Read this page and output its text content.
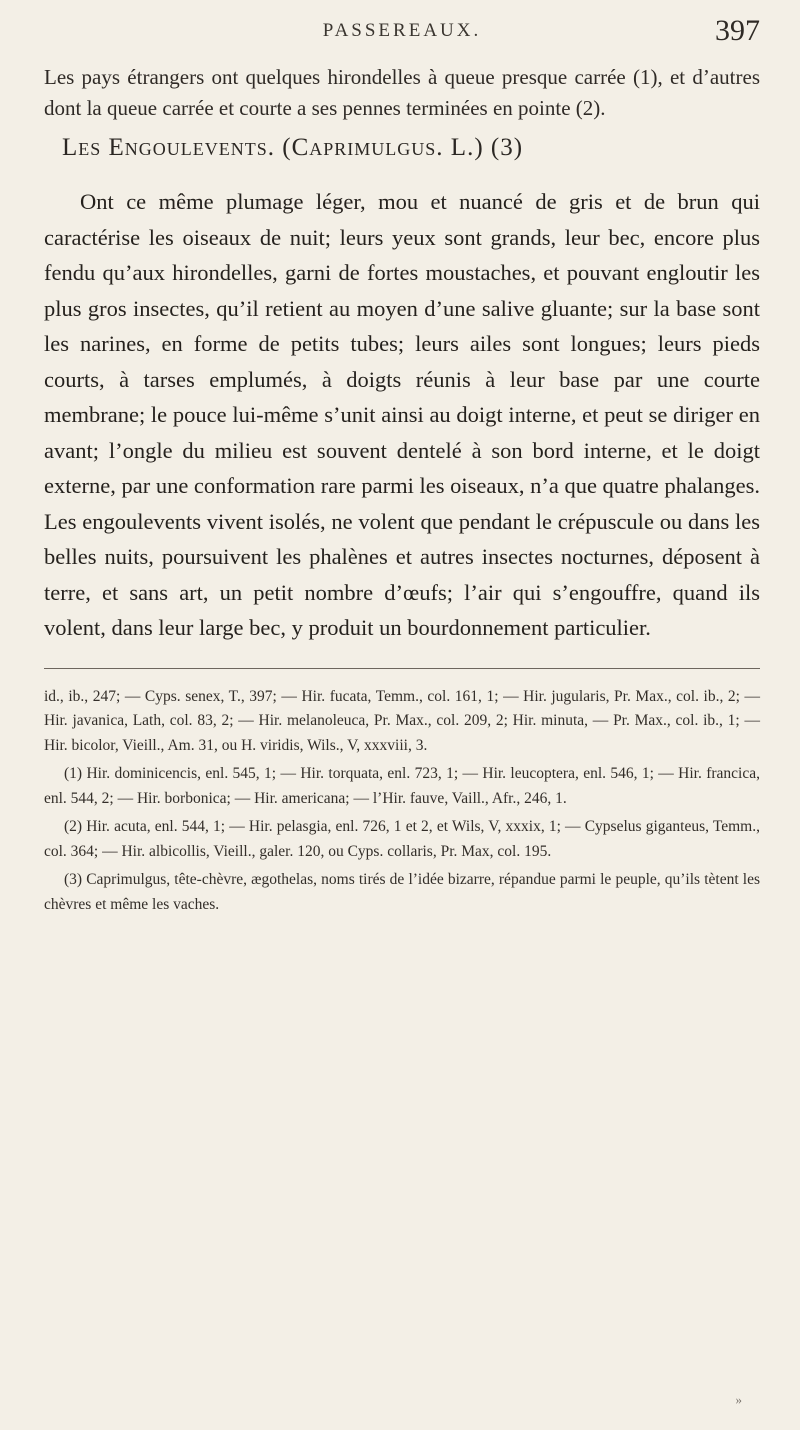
PASSEREAUX.	397

Les pays étrangers ont quelques hirondelles à queue presque carrée (1), et d’autres dont la queue carrée et courte a ses pennes terminées en pointe (2).

Les Engoulevents. (Caprimulgus. L.) (3)

Ont ce même plumage léger, mou et nuancé de gris et de brun qui caractérise les oiseaux de nuit; leurs yeux sont grands, leur bec, encore plus fendu qu’aux hirondelles, garni de fortes moustaches, et pouvant engloutir les plus gros insectes, qu’il retient au moyen d’une salive gluante; sur la base sont les narines, en forme de petits tubes; leurs ailes sont longues; leurs pieds courts, à tarses emplumés, à doigts réunis à leur base par une courte membrane; le pouce lui-même s’unit ainsi au doigt interne, et peut se diriger en avant; l’ongle du milieu est souvent dentelé à son bord interne, et le doigt externe, par une conformation rare parmi les oiseaux, n’a que quatre phalanges. Les engoulevents vivent isolés, ne volent que pendant le crépuscule ou dans les belles nuits, poursuivent les phalènes et autres insectes nocturnes, déposent à terre, et sans art, un petit nombre d’œufs; l’air qui s’engouffre, quand ils volent, dans leur large bec, y produit un bourdonnement particulier.

id., ib., 247; — Cyps. senex, T., 397; — Hir. fucata, Temm., col. 161, 1; — Hir. jugularis, Pr. Max., col. ib., 2; — Hir. javanica, Lath, col. 83, 2; — Hir. melanoleuca, Pr. Max., col. 209, 2; Hir. minuta, — Pr. Max., col. ib., 1; — Hir. bicolor, Vieill., Am. 31, ou H. viridis, Wils., V, xxxviii, 3.

(1) Hir. dominicencis, enl. 545, 1; — Hir. torquata, enl. 723, 1; — Hir. leucoptera, enl. 546, 1; — Hir. francica, enl. 544, 2; — Hir. borbonica; — Hir. americana; — l’Hir. fauve, Vaill., Afr., 246, 1.

(2) Hir. acuta, enl. 544, 1; — Hir. pelasgia, enl. 726, 1 et 2, et Wils, V, xxxix, 1; — Cypselus giganteus, Temm., col. 364; — Hir. albicollis, Vieill., galer. 120, ou Cyps. collaris, Pr. Max, col. 195.

(3) Caprimulgus, tête-chèvre, ægothelas, noms tirés de l’idée bizarre, répandue parmi le peuple, qu’ils tètent les chèvres et même les vaches.

»
